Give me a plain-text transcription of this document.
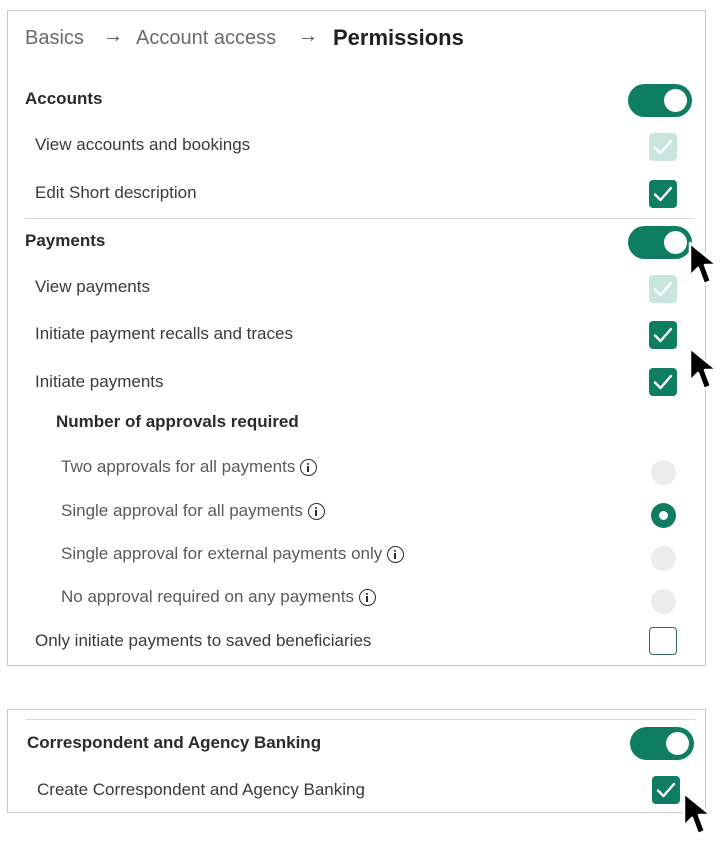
Basics → Account access → Permissions
Accounts
View accounts and bookings
Edit Short description
Payments
View payments
Initiate payment recalls and traces
Initiate payments
Number of approvals required
Two approvals for all payments
Single approval for all payments
Single approval for external payments only
No approval required on any payments
Only initiate payments to saved beneficiaries
Correspondent and Agency Banking
Create Correspondent and Agency Banking
